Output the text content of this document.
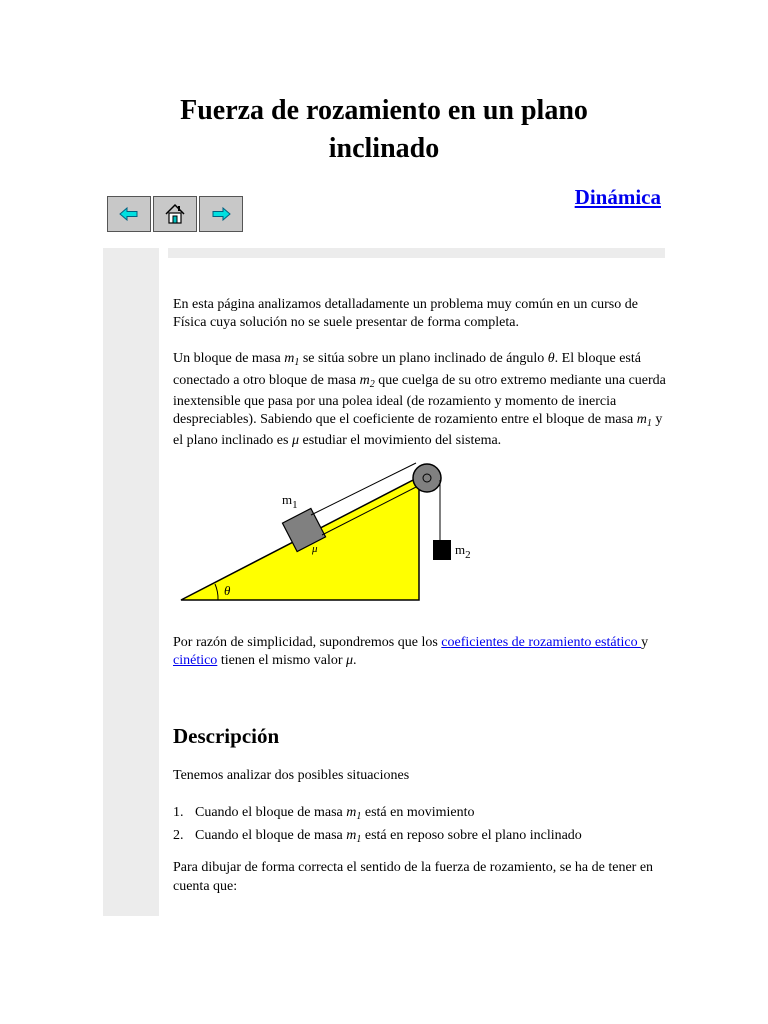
Fuerza de rozamiento en un plano
inclinado
Dinámica

En esta página analizamos detalladamente un problema muy común en un curso de Física cuya solución no se suele presentar de forma completa.

Un bloque de masa $m_1$ se sitúa sobre un plano inclinado de ángulo θ. El bloque está conectado a otro bloque de masa $m_2$ que cuelga de su otro extremo mediante una cuerda inextensible que pasa por una polea ideal (de rozamiento y momento de inercia despreciables). Sabiendo que el coeficiente de rozamiento entre el bloque de masa $m_1$ y el plano inclinado es μ estudiar el movimiento del sistema.

θ
$m_1$
$m_2$
μ

Por razón de simplicidad, supondremos que los coeficientes de rozamiento estático y cinético tienen el mismo valor μ.

Descripción
Tenemos analizar dos posibles situaciones
1. Cuando el bloque de masa $m_1$ está en movimiento
2. Cuando el bloque de masa $m_1$ está en reposo sobre el plano inclinado

Para dibujar de forma correcta el sentido de la fuerza de rozamiento, se ha de tener en cuenta que:
